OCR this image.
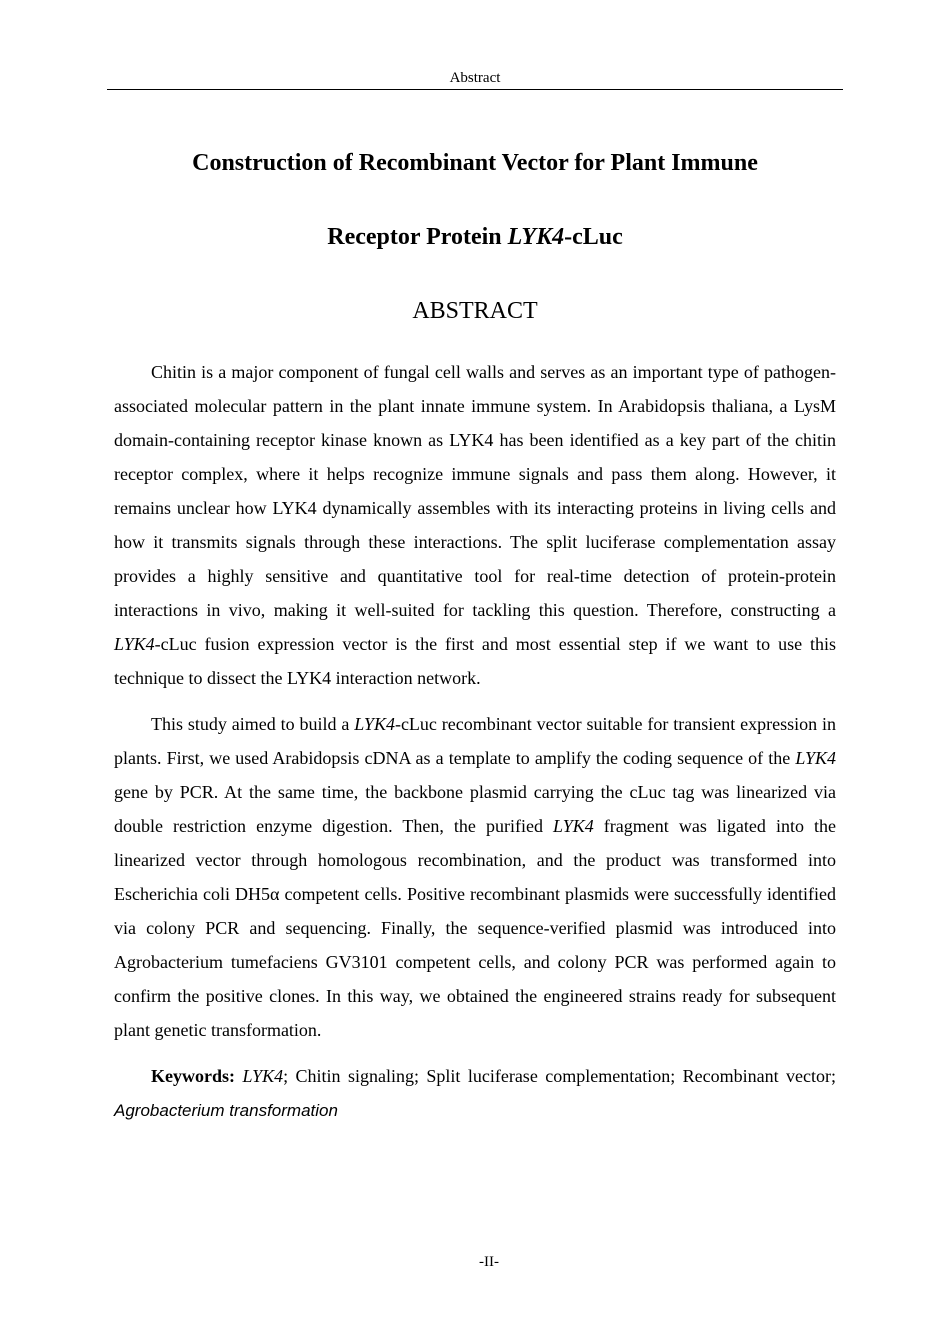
Abstract
Construction of Recombinant Vector for Plant Immune
Receptor Protein LYK4-cLuc
ABSTRACT

Chitin is a major component of fungal cell walls and serves as an important type of pathogen-associated molecular pattern in the plant innate immune system. In Arabidopsis thaliana, a LysM domain-containing receptor kinase known as LYK4 has been identified as a key part of the chitin receptor complex, where it helps recognize immune signals and pass them along. However, it remains unclear how LYK4 dynamically assembles with its interacting proteins in living cells and how it transmits signals through these interactions. The split luciferase complementation assay provides a highly sensitive and quantitative tool for real-time detection of protein-protein interactions in vivo, making it well-suited for tackling this question. Therefore, constructing a LYK4-cLuc fusion expression vector is the first and most essential step if we want to use this technique to dissect the LYK4 interaction network.

This study aimed to build a LYK4-cLuc recombinant vector suitable for transient expression in plants. First, we used Arabidopsis cDNA as a template to amplify the coding sequence of the LYK4 gene by PCR. At the same time, the backbone plasmid carrying the cLuc tag was linearized via double restriction enzyme digestion. Then, the purified LYK4 fragment was ligated into the linearized vector through homologous recombination, and the product was transformed into Escherichia coli DH5α competent cells. Positive recombinant plasmids were successfully identified via colony PCR and sequencing. Finally, the sequence-verified plasmid was introduced into Agrobacterium tumefaciens GV3101 competent cells, and colony PCR was performed again to confirm the positive clones. In this way, we obtained the engineered strains ready for subsequent plant genetic transformation.

Keywords: LYK4; Chitin signaling; Split luciferase complementation; Recombinant vector; Agrobacterium transformation

-II-
